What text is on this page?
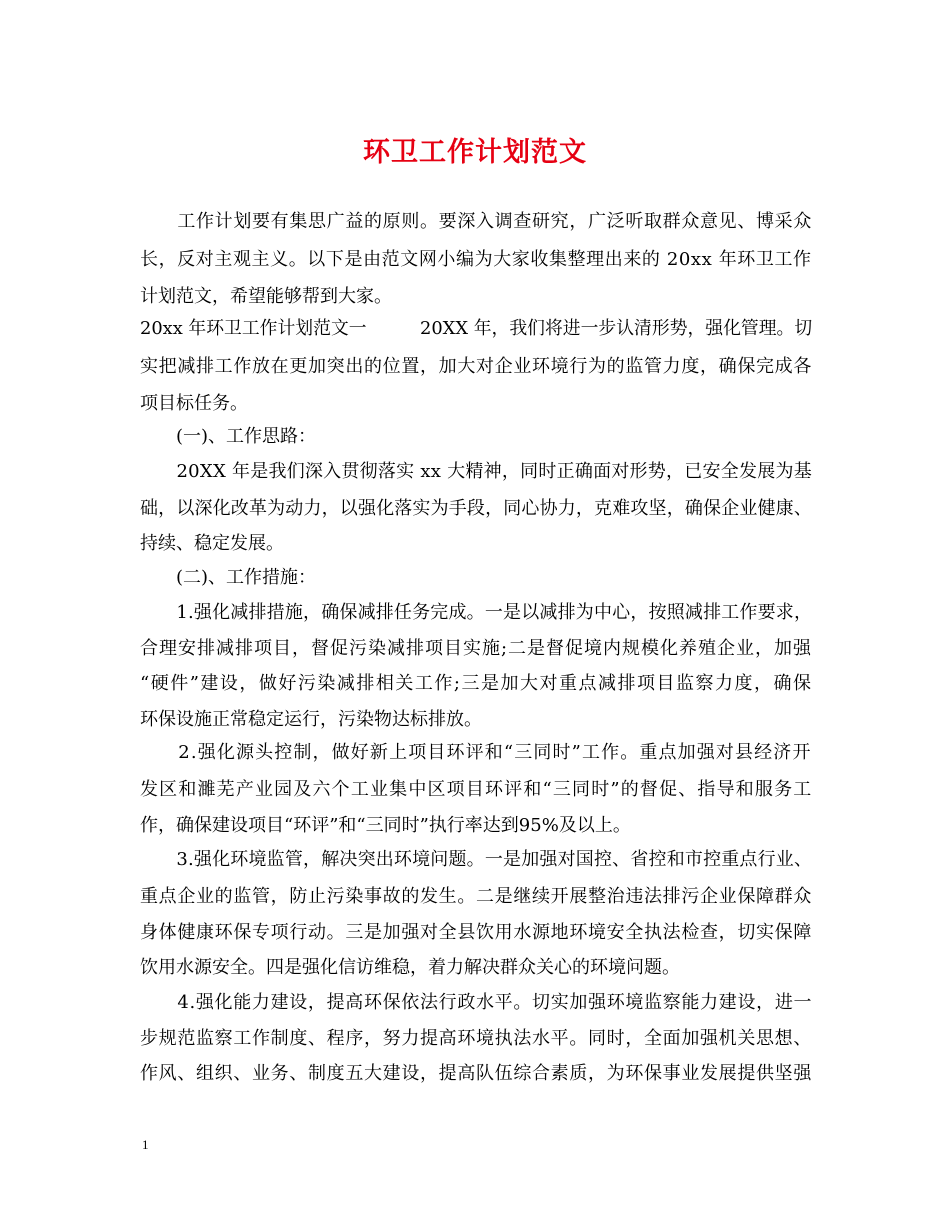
环卫工作计划范文
　　工作计划要有集思广益的原则。要深入调查研究，广泛听取群众意见、博采众
长，反对主观主义。以下是由范文网小编为大家收集整理出来的 20xx 年环卫工作
计划范文，希望能够帮到大家。
20xx 年环卫工作计划范文一　　　20XX 年，我们将进一步认清形势，强化管理。切
实把减排工作放在更加突出的位置，加大对企业环境行为的监管力度，确保完成各
项目标任务。
　　(一)、工作思路：
　　20XX 年是我们深入贯彻落实 xx 大精神，同时正确面对形势，已安全发展为基
础，以深化改革为动力，以强化落实为手段，同心协力，克难攻坚，确保企业健康、
持续、稳定发展。
　　(二)、工作措施：
　　1.强化减排措施，确保减排任务完成。一是以减排为中心，按照减排工作要求，
合理安排减排项目，督促污染减排项目实施;二是督促境内规模化养殖企业，加强
“硬件”建设，做好污染减排相关工作;三是加大对重点减排项目监察力度，确保
环保设施正常稳定运行，污染物达标排放。
　　2.强化源头控制，做好新上项目环评和“三同时”工作。重点加强对县经济开
发区和濉芜产业园及六个工业集中区项目环评和“三同时”的督促、指导和服务工
作，确保建设项目“环评”和“三同时”执行率达到95%及以上。
　　3.强化环境监管，解决突出环境问题。一是加强对国控、省控和市控重点行业、
重点企业的监管，防止污染事故的发生。二是继续开展整治违法排污企业保障群众
身体健康环保专项行动。三是加强对全县饮用水源地环境安全执法检查，切实保障
饮用水源安全。四是强化信访维稳，着力解决群众关心的环境问题。
　　4.强化能力建设，提高环保依法行政水平。切实加强环境监察能力建设，进一
步规范监察工作制度、程序，努力提高环境执法水平。同时，全面加强机关思想、
作风、组织、业务、制度五大建设，提高队伍综合素质，为环保事业发展提供坚强
1
